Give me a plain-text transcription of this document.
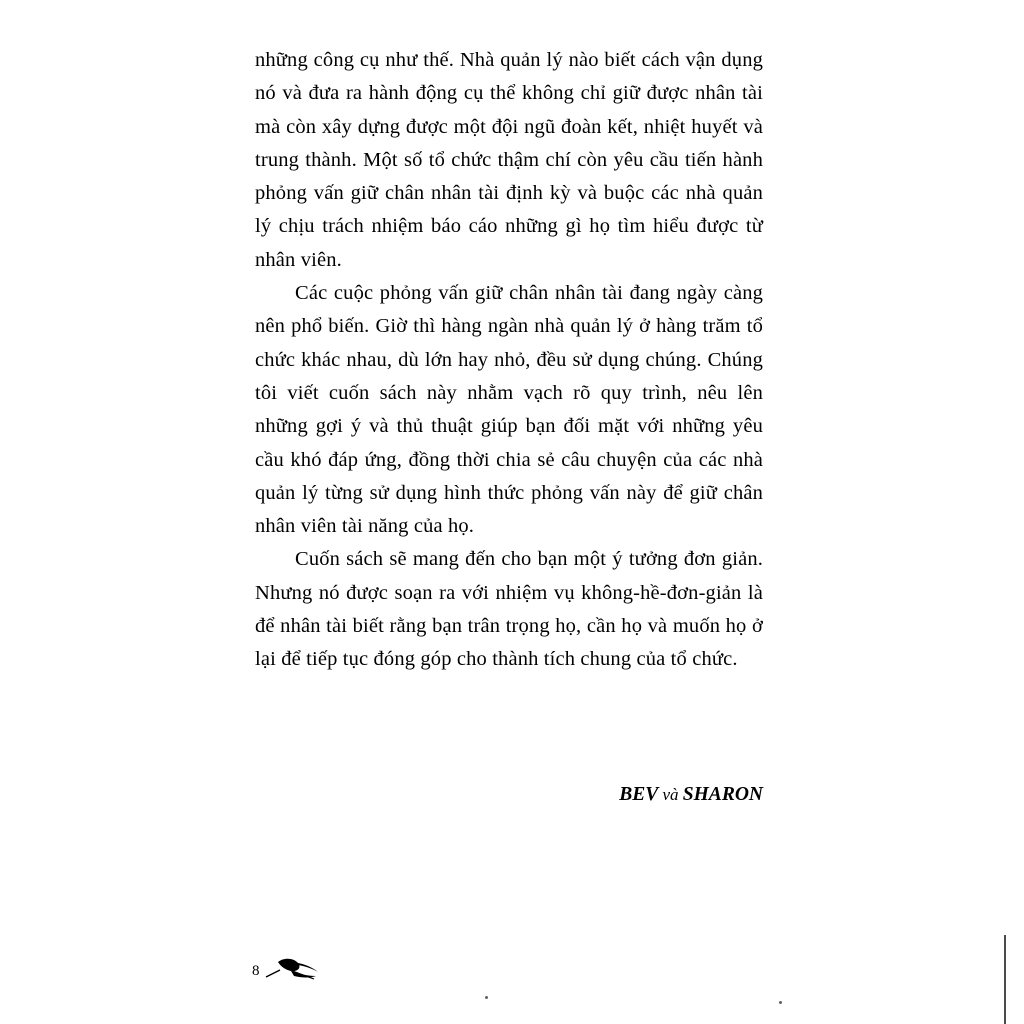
những công cụ như thế. Nhà quản lý nào biết cách vận dụng nó và đưa ra hành động cụ thể không chỉ giữ được nhân tài mà còn xây dựng được một đội ngũ đoàn kết, nhiệt huyết và trung thành. Một số tổ chức thậm chí còn yêu cầu tiến hành phỏng vấn giữ chân nhân tài định kỳ và buộc các nhà quản lý chịu trách nhiệm báo cáo những gì họ tìm hiểu được từ nhân viên.

Các cuộc phỏng vấn giữ chân nhân tài đang ngày càng nên phổ biến. Giờ thì hàng ngàn nhà quản lý ở hàng trăm tổ chức khác nhau, dù lớn hay nhỏ, đều sử dụng chúng. Chúng tôi viết cuốn sách này nhằm vạch rõ quy trình, nêu lên những gợi ý và thủ thuật giúp bạn đối mặt với những yêu cầu khó đáp ứng, đồng thời chia sẻ câu chuyện của các nhà quản lý từng sử dụng hình thức phỏng vấn này để giữ chân nhân viên tài năng của họ.

Cuốn sách sẽ mang đến cho bạn một ý tưởng đơn giản. Nhưng nó được soạn ra với nhiệm vụ không-hề-đơn-giản là để nhân tài biết rằng bạn trân trọng họ, cần họ và muốn họ ở lại để tiếp tục đóng góp cho thành tích chung của tổ chức.

BEV và SHARON
8
